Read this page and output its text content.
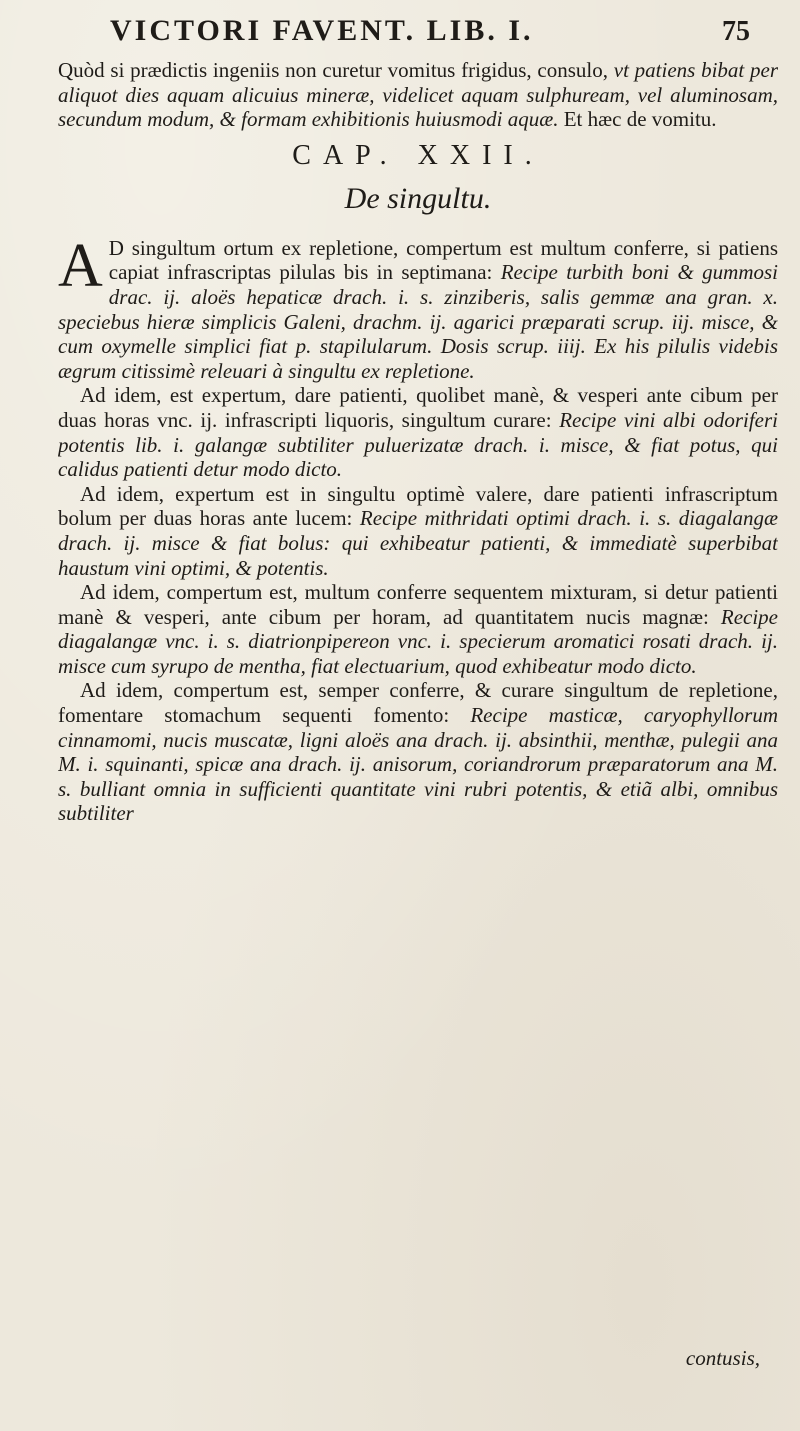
VICTORI FAVENT. LIB. I.	75

Quòd si prædictis ingeniis non curetur vomitus frigidus, consulo, vt patiens bibat per aliquot dies aquam alicuius mineræ, videlicet aquam sulphuream, vel aluminosam, secundum modum, & formam exhibitionis huiusmodi aquæ. Et hæc de vomitu.

CAP. XXII.
De singultu.

AD singultum ortum ex repletione, compertum est multum conferre, si patiens capiat infrascriptas pilulas bis in septimana: Recipe turbith boni & gummosi drac. ij. aloës hepaticæ drach. i. s. zinziberis, salis gemmæ ana gran. x. speciebus hieræ simplicis Galeni, drachm. ij. agarici præparati scrup. iij. misce, & cum oxymelle simplici fiat p. stapilularum. Dosis scrup. iiij. Ex his pilulis videbis ægrum citissimè releuari à singultu ex repletione.

Ad idem, est expertum, dare patienti, quolibet manè, & vesperi ante cibum per duas horas vnc. ij. infrascripti liquoris, singultum curare: Recipe vini albi odoriferi potentis lib. i. galangæ subtiliter puluerizatæ drach. i. misce, & fiat potus, qui calidus patienti detur modo dicto.

Ad idem, expertum est in singultu optimè valere, dare patienti infrascriptum bolum per duas horas ante lucem: Recipe mithridati optimi drach. i. s. diagalangæ drach. ij. misce & fiat bolus: qui exhibeatur patienti, & immediatè superbibat haustum vini optimi, & potentis.

Ad idem, compertum est, multum conferre sequentem mixturam, si detur patienti manè & vesperi, ante cibum per horam, ad quantitatem nucis magnæ: Recipe diagalangæ vnc. i. s. diatrionpipereon vnc. i. specierum aromatici rosati drach. ij. misce cum syrupo de mentha, fiat electuarium, quod exhibeatur modo dicto.

Ad idem, compertum est, semper conferre, & curare singultum de repletione, fomentare stomachum sequenti fomento: Recipe masticæ, caryophyllorum cinnamomi, nucis muscatæ, ligni aloës ana drach. ij. absinthii, menthæ, pulegii ana M. i. squinanti, spicæ ana drach. ij. anisorum, coriandrorum præparatorum ana M. s. bulliant omnia in sufficienti quantitate vini rubri potentis, & etiã albi, omnibus subtiliter

contusis,
